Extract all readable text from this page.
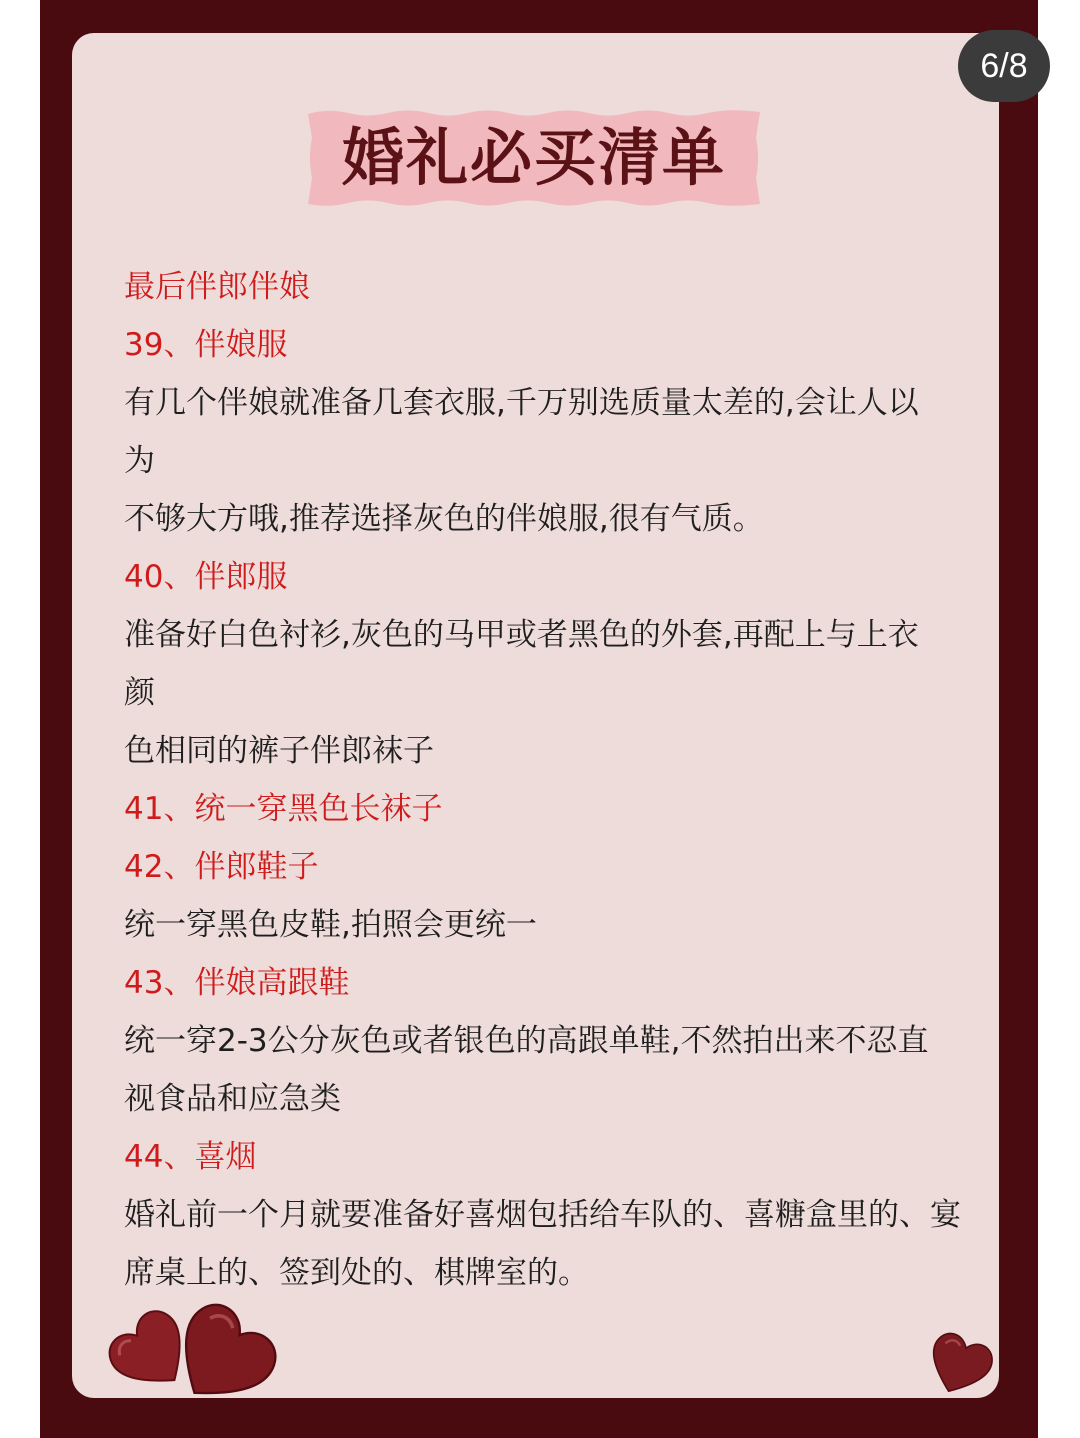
6/8
婚礼必买清单
最后伴郎伴娘
39、伴娘服
有几个伴娘就准备几套衣服,千万别选质量太差的,会让人以
为
不够大方哦,推荐选择灰色的伴娘服,很有气质。
40、伴郎服
准备好白色衬衫,灰色的马甲或者黑色的外套,再配上与上衣
颜
色相同的裤子伴郎袜子
41、统一穿黑色长袜子
42、伴郎鞋子
统一穿黑色皮鞋,拍照会更统一
43、伴娘高跟鞋
统一穿2-3公分灰色或者银色的高跟单鞋,不然拍出来不忍直
视食品和应急类
44、喜烟
婚礼前一个月就要准备好喜烟包括给车队的、喜糖盒里的、宴
席桌上的、签到处的、棋牌室的。
